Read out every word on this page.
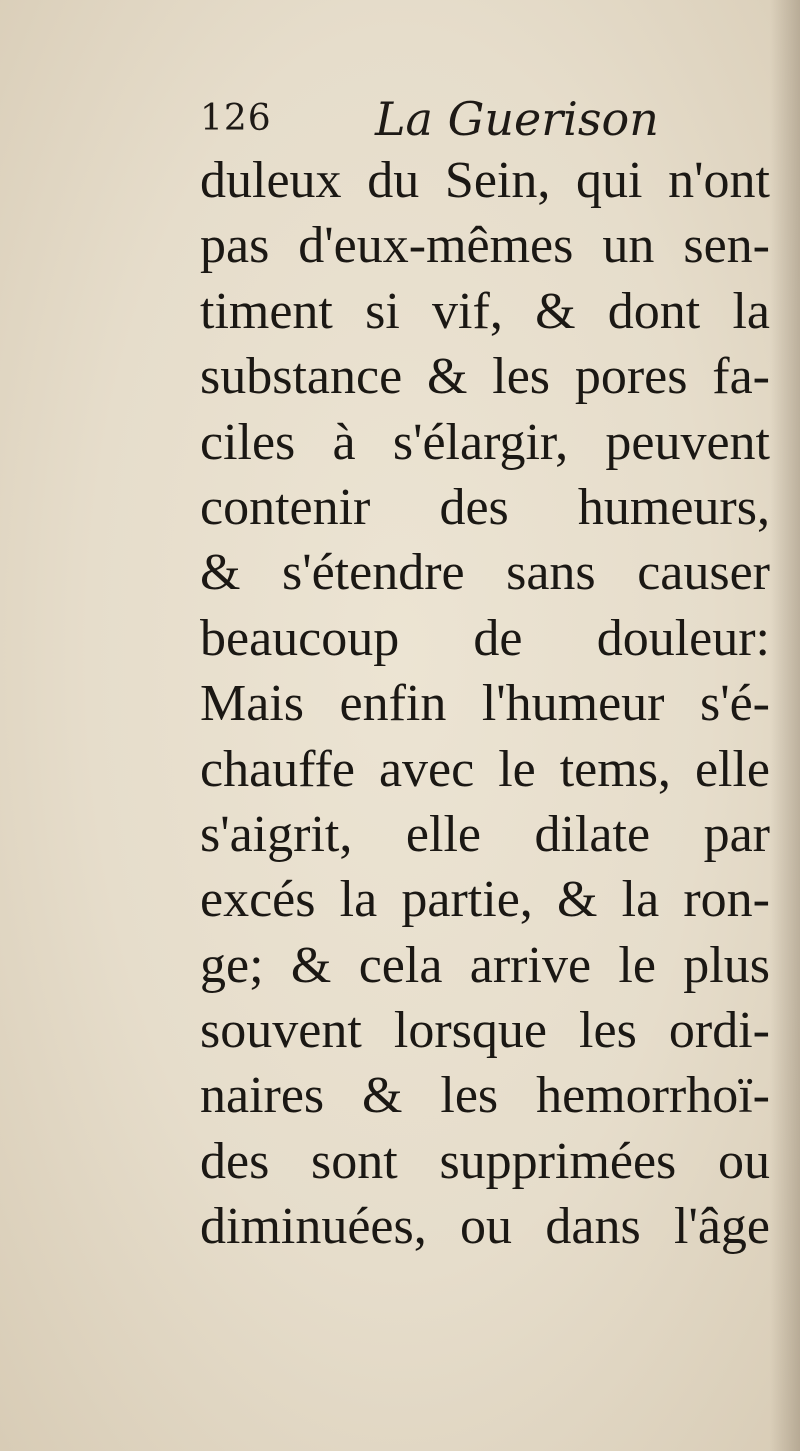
126 La Guerison
duleux du Sein, qui n'ont
pas d'eux-mêmes un sen-
timent si vif, & dont la
substance & les pores fa-
ciles à s'élargir, peuvent
contenir des humeurs,
& s'étendre sans causer
beaucoup de douleur:
Mais enfin l'humeur s'é-
chauffe avec le tems, elle
s'aigrit, elle dilate par
excés la partie, & la ron-
ge; & cela arrive le plus
souvent lorsque les ordi-
naires & les hemorrhoï-
des sont supprimées ou
diminuées, ou dans l'âge
